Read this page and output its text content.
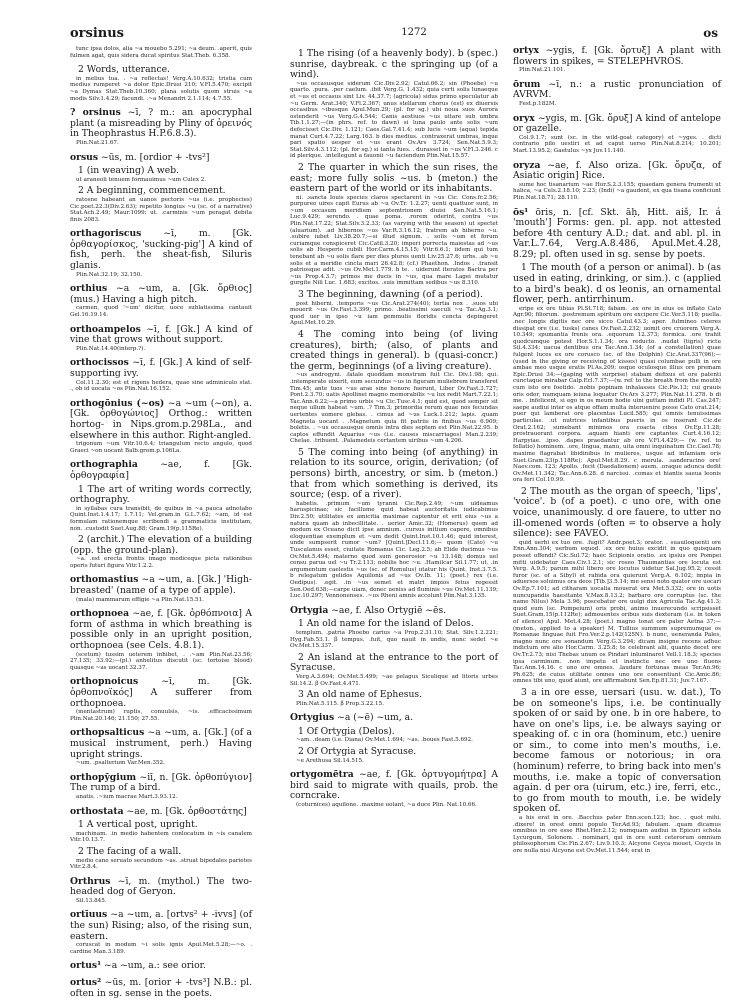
orsinus	1272	os

tunc ipsa dolos, alia ~a mouebo 5.291; ~a deum. .aperit, quis fulmen agat, quis sidera ducat spiritus Stat.Theb. 6.358.

2 Words, utterance.

in melius tua. . ~a reflectas! Verg.A.10.632; tristia cum medius rumperet ~a dolor Epic.Drusi 210; V.Fl.5.470; excipit ~a Dymas Stat.Theb.10.360; plana solutis quom struis ~a modis Silv.1.4.29; facundi. .~a Menandri 2.1.114; 4.7.55.

? orsinus ~ī, ? m.: an apocryphal plant (a misreading by Pliny of ὀρεινός in Theophrastus H.P.6.8.3).

Plin.Nat.21.67.

orsus ~ūs, m. [ordior + -tvs²]

1 (in weaving) A web.

ut araneoli tenuem formauimus ~um Culex 2.

2 A beginning, commencement.

ratosne habeant an uanos pectoris ~us (i.e. prophecies) Cic.poet.22.3(Div.2.63); repetito longius ~u (sc. of a narrative) Stat.Ach.2.49; Maur.1099; ut. .carminis ~um peragat debita finis 2083.

orthagoriscus ~ī, m. [Gk. ὀρθαγορίσκος, 'sucking-pig'] A kind of fish, perh. the sheat-fish, Siluris glanis.

Plin.Nat.32.19; 32.150.

orthius ~a ~um, a. [Gk. ὄρθιος] (mus.) Having a high pitch.

carmen, quod '~um' dicitur, uoce sublatissima cantauit Gel.16.19.14.

orthoampelos ~ī, f. [Gk.] A kind of vine that grows without support.

Plin.Nat.14.40(interp.?).

orthocissos ~ī, f. [Gk.] A kind of self-supporting ivy.

Col.11.2.30; est et rigens hedera, quae sine adminiculo stat. ., ob id uocata ~os Plin.Nat.16.152.

orthogōnius (~os) ~a ~um (~on), a. [Gk. ὀρθογώνιος] Orthog.: written hortog- in Nips.grom.p.298La., and elsewhere in this author. Right-angled.

trigonum ~um Vitr.10.6.4; triangulum recto angulo, quod Graeci ~on uocant Balb.grom.p.106La.

orthographia ~ae, f. [Gk. ὀρθογραφία]

1 The art of writing words correctly, orthography.

in syllabas cura transibit, de quibus in ~a pauca adnotabo Quint.Inst.1.4.17; 1.7.11; Vel.gram.in G.L.7.62; ~am, id est formulam rationemque scribendi a grammaticis institutam, non. .custodit Suet.Aug.88; Gram.19(p.115Re).

2 (archit.) The elevation of a building (opp. the ground-plan).

~a. .est erecta frontis imago modiceque picta rationibus operis futuri figura Vitr.1.2.2.

orthomastius ~a ~um, a. [Gk.] 'High-breasted' (name of a type of apple).

(mala) mammarum effigie ~a Plin.Nat.15.51.

orthopnoea ~ae, f. [Gk. ὀρθόπνοια] A form of asthma in which breathing is possible only in an upright position, orthopnoea (see Cels. 4.8.1).

(scetum) tussim ueterem inhibet, . .~am Plin.Nat.23.56; 27.135; 33.92;—(pl.) anhelitus discutit (sc. tortoise blood) quasque ~as uocant 32.37.

orthopnoicus	~ī, m. [Gk. ὀρθοπνοϊκός] A sufferer from orthopnoea.

(mentastrum) ruptis, conuulsis, ~is. .efficacissimum Plin.Nat.20.146; 21.150; 27.55.

orthopsalticus ~a ~um, a. [Gk.] (of a musical instrument, perh.) Having upright strings.

~um. .psalterium Var.Men.352.

orthopȳgium ~iī, n. [Gk. ὀρθοπύγιον] The rump of a bird.

anatis. .~ium macrae Mart.3.93.12.

orthostata ~ae, m. [Gk. ὀρθοστάτης]

1 A vertical post, upright.

machinam. .in medio habentem conlocatum in ~is canalem Vitr.10.13.7.

2 The facing of a wall.

medio cano seruato secundum ~as. .struat bipedales parietes Vitr.2.8.4.

Orthrus ~ī, m. (mythol.) The two-headed dog of Geryon.

Sil.13.845.

ortīuus ~a ~um, a. [ortvs² + -ivvs] (of the sun) Rising; also, of the rising sun, eastern.

coruscat in modum ~i solis ignis Apul.Met.5.28;—~o. . cardine Man.3.189.

ortus¹ ~a ~um, a.: see orior.

ortus² ~ūs, m. [orior + -tvs³] N.B.: pl. often in sg. sense in the poets.

1 The rising (of a heavenly body). b (spec.) sunrise, daybreak. c the springing up (of a wind).

~us occasusque siderum Cic.Div.2.92; Catul.66.2; sin (Phoebe) ~u quarto. .pura. .per caelum. .ibit Verg.G. 1.432; quia certi solis lunaeque et ~us et occasus sint Liv. 44.37.7; (agricola) sidus primo speculatur ab ~u Germ. Arat.340; V.Fl.2.367; unus stellarum chorus (est) ex diuersis occasibus ~ibusque Apul.Mun.29; (pl. for sg.) ubi noua suos Aurora ostenderit ~us Verg.G.4.544; Canis aestiuos ~us uitare sub umbra Tib.1.1.27;—(in phrs. ref. to dawn) si luna paulo ante solis ~um defecisset Cic.Div. 1.121; Caes.Gal.7.41.4; sub lucis ~um (aqua) tepida manat Curt.4.7.22; Larg.163. b dies medius. .contraxerat umbras, inque pari spatio uesper et ~us erant Ov.Ars 3.724; Sen.Nat.5.9.3; Stat.Silv.4.3.112; (pl. for sg.) si tanta fues. . durasset in ~us V.Fl.3.246. c id plerique. .intellegunt a fauonii ~u faciendum Plin.Nat.15.57.

2 The quarter in which the sun rises, the east; more fully solis ~us. b (meton.) the eastern part of the world or its inhabitants.

ni. .sancta Iouis species claros spectarent in ~us Cic. Cons.fr.2.56; purpureo uires capit Eurus ab ~u Ov.Tr. 1.2.27; uenti quattuor sunt, in ~um occasum meridiem septemtrionem diuisi Sen.Nat.5.16.1; Luc.9.429; serendo. . quae poma. .rorem oderint, contra ~us Plin.Nat.17.22; Stat.Silv.3.2.33; (as varying with the season) ut spectet (aluarium). .ad hibernos ~us Var.R.3.16.12; fratrem ab hiberno ~u. .subire iubet Liv.38.20.7;—si illud signum. . solis ~um et forum curiamque conspiceret Cic.Catil.3.20; imperi porrecta maiestas ad ~us solis ab Hesperio cubili Hor.Carm.4.15.15; Vitr.6.6.1; iidem qui tum tenebant ab ~u solis flare per dies plures uenti Liv.25.27.6; urbs. .ab ~u solis et a meridie cincta mari 26.42.8; (cf.) Phaethon. .Indos . .transit patriosque adit. .~us Ov.Met.1.779. b te. . uiderunt iteratos Bactra per ~us Prop.4.3.7; primos me ducis in ~us, qua mare Lagei mutatur gurgite Nili Luc. 1.683; excitos. .suis immittam sedibus ~us 8.310.

3 The beginning, dawning (of a period).

post hiberni. .temporis ~us Cic.Arat.274(40); tertia nox . .suos ubi mouerit ~us Ov.Fast.3.399; primo. .beatissimi saeculi ~u Tac.Ag.3.1; quod uer in ipso ~u iam gemmulis floridis cuncta depingeret Apul.Met.10.29.

4 The coming into being (of living creatures), birth; (also, of plants and created things in general). b (quasi-concr.) the germ, beginnings (of a living creature).

~us androgyni. .fatale quoddam monstrum fuit Cic. Div.1.98; qui. .intemperate uixerit, eum secundus ~us in figuram muliebrem transferet Tim.45; ante tuos ~us arae sine honore fuerunt, Liber Ov.Fast.3.727; Pont.2.3.70; uatis Apollinei magno memorabilis ~u lux redit Mart.7.22.1; Tac.Ann.6.22;—a primo urbis ~u Cic.Tusc.4.1; quid est, quod semper sit neque ullum habeat ~um. .? Tim.3; primordia rerum quae nos fecundas uertentes uomere glebas. . cimus ad ~us Luck.1.212; lapis. .quam Magneta uocant . .Magnetum quia fit patriis in finibus ~us 6.909; boletis. . ~us occasusque omnis intra dies septem est Plin.Nat.22.95. b captos effundit Aquarius ~us (i.e. causes miscarriages) Man.2.239; Chelae. .tribuent. .Palamedeis certantem uiribus ~um 4.206.

5 The coming into being (of anything) in relation to its source, origin, derivation; (of persons) birth, ancestry, or sim. b (meton.) that from which something is derived, its source; (esp. of a river).

habetis. .primum ~um tyranni Cic.Rep.2.49; ~um uideamus haruspicinae; sic facillume quid habeat auctoritatis iudicabimus Div.2.50; utilitates ex amicitia maximae capientur et erit eius ~us a natura quam ab inbecillitate. . uerior Amic.32; (Homerus) quem ad modum ex Oceano dicit ipse amnium. .cursus initium capere, omnibus eloquentiae exemplum et ~um dedit Quint.Inst.10.1.46; quid interest, unde sumpserit rumor ~um? [Quint.]Decl.11.6;— quom (Cato) ~u Tusculanus esset, ciuitate Romanus Cic. Leg.2.5; ab Elide ducimus ~us Ov.Met.5.494; materno quod sum generosior ~u 13.148; domus uel censu parua uel ~u Tr.2.113; nobilis hoc ~u. .Hamilcar Sil.1.77; ut. .in argumentum caelestis ~us (sc. of Romulus) utatur his Quint. Inst.3.7.5. b relegatum gelidos Aquilonis ad ~us Ov.Ib. 11; (poet.) rex (i.e. Oedipus). .egit. .in ~us semet et matri impios fetus regessit Sen.Oed.638;—carpe uiam, donec ueniss ad fluminis ~us Ov.Met.11.139; Luc.10.297; Vennonenses. .~us Rheni amnis accolunt Plin.Nat.3.135.

Ortygia ~ae, f. Also Ortygiē ~ēs.

1 An old name for the island of Delos.

templum. .patria Phoebo carius ~a Prop.2.31.10; Stat. Silv.1.2.221; Hyg.Fab.53.1. β tempus. .fuit, quo nauit in undis, nunc sedet ~e Ov.Met.15.337.

2 An island at the entrance to the port of Syracuse.

Verg.A.3.694; Ov.Met.5.499; ~ae pelagus Siculique ad litoris urbes Sil.14.2. β Ov.Fast.4.471.

3 An old name of Ephesus.

Plin.Nat.5.115. β Prop.3.22.15.

Ortygius ~a (~ē) ~um, a.

1 Of Ortygia (Delos).

~am. .deam (i.e. Diana) Ov.Met.1.694; ~as. .boues Fast.5.692.

2 Of Ortygia at Syracuse.

~e Arethusa Sil.14.515.

ortygomētra ~ae, f. [Gk. ὀρτυγομήτρα] A bird said to migrate with quails, prob. the corncrake.

(coturnices) aquilone. .maxime uolant, ~a duce Plin. Nat.10.66.

ortyx ~ygis, f. [Gk. ὄρτυξ] A plant with flowers in spikes, = STELEPHVROS.

Plin.Nat.21.101.

ōrum ~ī, n.: a rustic pronunciation of AVRVM.

Fest.p.182M.

oryx ~ygis, m. [Gk. ὄρυξ] A kind of antelope or gazelle.

Col.9.1.7; sunt (sc. in the wild-goat category) et ~yges. . dicti contrario pilo uestiri et ad caput uerso Plin.Nat.8.214; 10.201; Mart.13.95.2; Gaetulus ~yx Juv.11.140.

oryza ~ae, f. Also oriza. [Gk. ὄρυζα, of Asiatic origin] Rice.

sume hoc tisanarium ~ae Hor.S.2.3.155; quaedam genera frumenti ut halica, ~a Cels.2.18.10; 2.23; (Indi) ~a gaudent, ex qua tisana conficiunt Plin.Nat.18.71; 28.110.

ōs¹ ōris, n. [cf. Skt. āḥ, Hitt. aiš, Ir. á 'mouth'] Forms: gen. pl. app. not attested before 4th century A.D.; dat. and abl. pl. in Var.L.7.64, Verg.A.8.486, Apul.Met.4.28, 8.29; pl. often used in sg. sense by poets.

1 The mouth (of a person or animal). b (as used in eating, drinking, or sim.). c (applied to a bird's beak). d os leonis, an ornamental flower, perh. antirrhinum.

eripe ex ore tibias Pl.St.718; fabam. .ex ore in eius os inflato Cato Agr.90; filiorum. .postremum spiritum ore excipere Cic.Ver.5.118; puella. .nec longis digitis nec ore sicco Catul.43.3; aper. .fulmineo celeres dissipat ore (i.e. tusks) canes Ov.Fast.2.232; uomit ore cruorem Verg.A. 10.349; spumantia frenis ora. .equorum 12.373; formica. .ore trahit quodcumque potest Hor.S.1.1.34; ora reducto. .nudat (tigris) rictu Sil.4.334; uacua dentibus ora Tac.Ann.1.34; (of a constellation) quae fulgent luces ex ore corusco (sc. of the Dolphin) Cic.Arat.337(96);—(used in the giving or receiving of kisses) quasi columbae pulli in ore ambae meo usque eratis Pl.As.209; osque oculosque illius ore premam Epic.Drusi 34;—(gaping with surprise) stabam defixus et ore patenti cunctaque mirabar Calp.Ecl.7.37;—(w. ref. to the breath from the mouth) cum isto ore foetido. .nobis popinam inhalasses Cic.Pis.13; cui grauis oris odor, numquam ieiuna loquatur Ov.Ars 3.277; Plin.Nat.11.278. b di me. . infelicent, si ego in os meum hodie uini guttam indidi Pl. Cas.247; saepe audiui inter os atque offam multa interuenire posse Cato orat.214; puer qui lamberat ore placentas Lucil.585; qui omnis tenuissimas particulas. .ut nutrices infantibus pueris in os inserant Cic.de Orat.2.162; sumebant minimos ora coacta cibos Ov.Ep.11.28; prostrauerant corpora. .aquam hianti ore captantes Curt.4.16.12; Harpyiae. .ipso. .dapes praedantur ab ore V.Fl.4.429;— (w. ref. to fellatio) hominem. .ore, lingua, manu, uita omni inquinatum Cic.Cael.78; maxime flagrabat libidinibus in mulieres, usque ad infamiam oris Suet.Gram.23(p.118Re); Apul.Met.8.29. c merula. .sanderacino ore! Naev.com. 123; Apollo. .fecit (Daedalionem) auem. .oraque adunca dedit Ov.Met.11.342; Tac.Ann.6.28. d narcissi. .comas et hiantis saeua leonis ora feri Col.10.99.

2 The mouth as the organ of speech, 'lips', 'voice'. b (of a poet). c uno ore, with one voice, unanimously. d ore fauere, to utter no ill-omened words (often = to observe a holy silence): see FAVEO.

quid uerbi ex tuo ore. .fugit? Andr.poet.3; orator. . suauiloquenti ore Enn.Ann.304; uerbum equod. .ex ore huius excidit in quo quisquam posset offendi? Cic.Sul.72; haec Scipionis oratio. .ex ipsius ore Pompei mitti uidebatur Caes.Civ.1.2.1; sic roseo Thaumantias ore locuta est Verg. A.9.5; parum mihi libero ore locutus uidetur Sal.Jug.95.2; cessit furor (sc. of a Sibyl) et rabida ora quierunt Verg.A. 6.102; impia in aduersos soluimus ora deos [Tib.]3.5.14; me sensi noto quater ore uocari Ov.Ep.7.101; ad citharam uocalia mouerat ora Met.5.332; ore in uotis nuncupandis haesitante V.Max.8.13.2; barbaro ore corruptus (sc. the name Nilus) Mela 3.96; poscebatur ore uulgi dux Agricola Tac.Ag.41.3; quod eum (sc. Pompeium) oris probi, animo inuerecundo scripsisset Suet.Gram.15(p.112Re); admouentes oribus suis dexteram (i.e. in token of silence) Apul. Met.4.28; (poet.) magno tonat ore pater Aetna 37;—(meton., applied to a speaker) M. Tullius summum supremumque os Romanae linguae fuit Fro.Ver.2.p.142(125N). b nunc, ueneranda Pales, magno nunc ore sonandum Verg.G.3.294; dicam insigne recens adhuc indictum ore alio Hor.Carm. 3.25.8; te celebrant alii, quanto decet ore Ov.Tr.2.73; nisi Thebas unum os Pindari inluminaret Vell.1.18.3; species ipsa carminum. .non impetu et instinctu nec ore uno fluens Tac.Ann.14.16. c uno ore omnes. .laudare fortunas meas Ter.An.96; Ph.625; de cuius utilitate omnes uno ore consentiunt Cic.Amic.86; omnes tibi uno, quod aiunt, ore affirmabunt Sen.Ep.81.31; Juv.7.167.

3 a in ore esse, uersari (usu. w. dat.), To be on someone's lips, i.e. be continually spoken of or said by one. b in ore habere, to have on one's lips, i.e. be always saying or speaking of. c in ora (hominum, etc.) uenire or sim., to come into men's mouths, i.e. become famous or notorious; in ora (hominum) referre, to bring back into men's mouths, i.e. make a topic of conversation again. d per ora (uirum, etc.) ire, ferri, etc., to go from mouth to mouth, i.e. be widely spoken of.

a his erat in ore. .Bacchus pater Enn.scen.123; hoc. . quot mihi. .dixere! in orest omni populo Ter.Ad.93; fabulam. .quam dicamus omnibus in ore esse Rhet.Her.2.12; numquam audiui in Epicuri schola Lycurgum, Solonem. . nominari, qui in ore sunt ceterorum omnium philosophorum Cic.Fin.2.67; Liv.9.10.3; Alcyone Ceyca mouet, Ceycis in ore nulla nisi Alcyone est Ov.Met.11.544; erat in
